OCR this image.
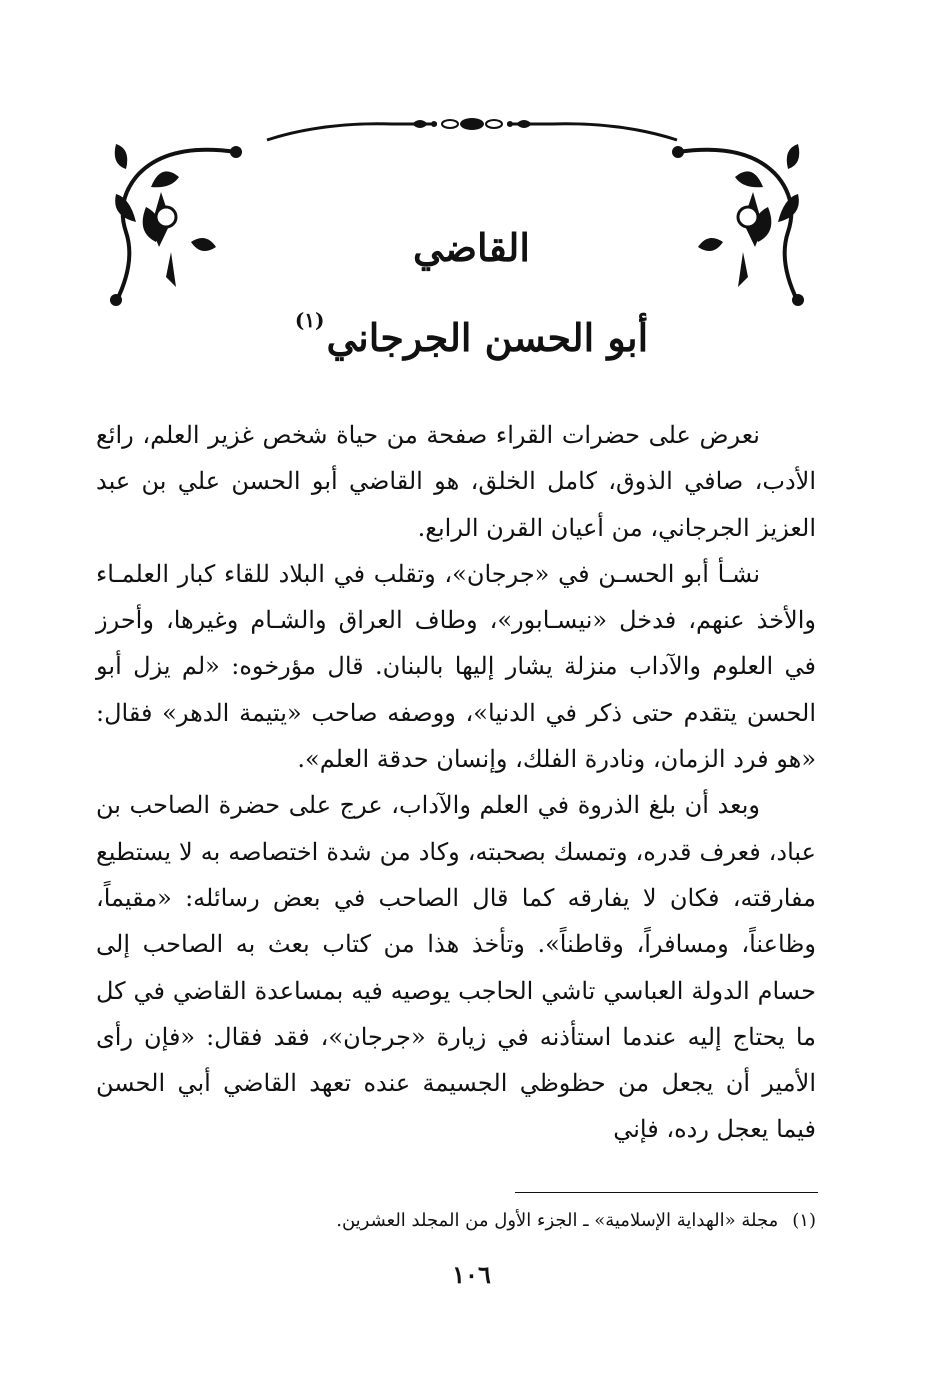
القاضي
أبو الحسن الجرجاني$^{(١)}$

نعرض على حضرات القراء صفحة من حياة شخص غزير العلم، رائع الأدب، صافي الذوق، كامل الخلق، هو القاضي أبو الحسن علي بن عبد العزيز الجرجاني، من أعيان القرن الرابع.

نشـأ أبو الحسـن في «جرجان»، وتقلب في البلاد للقاء كبار العلمـاء والأخذ عنهم، فدخل «نيسـابور»، وطاف العراق والشـام وغيرها، وأحرز في العلوم والآداب منزلة يشار إليها بالبنان. قال مؤرخوه: «لم يزل أبو الحسن يتقدم حتى ذكر في الدنيا»، ووصفه صاحب «يتيمة الدهر» فقال: «هو فرد الزمان، ونادرة الفلك، وإنسان حدقة العلم».

وبعد أن بلغ الذروة في العلم والآداب، عرج على حضرة الصاحب بن عباد، فعرف قدره، وتمسك بصحبته، وكاد من شدة اختصاصه به لا يستطيع مفارقته، فكان لا يفارقه كما قال الصاحب في بعض رسائله: «مقيماً، وظاعناً، ومسافراً، وقاطناً». وتأخذ هذا من كتاب بعث به الصاحب إلى حسام الدولة العباسي تاشي الحاجب يوصيه فيه بمساعدة القاضي في كل ما يحتاج إليه عندما استأذنه في زيارة «جرجان»، فقد فقال: «فإن رأى الأمير أن يجعل من حظوظي الجسيمة عنده تعهد القاضي أبي الحسن فيما يعجل رده، فإني

(١)مجلة «الهداية الإسلامية» ـ الجزء الأول من المجلد العشرين.
١٠٦
